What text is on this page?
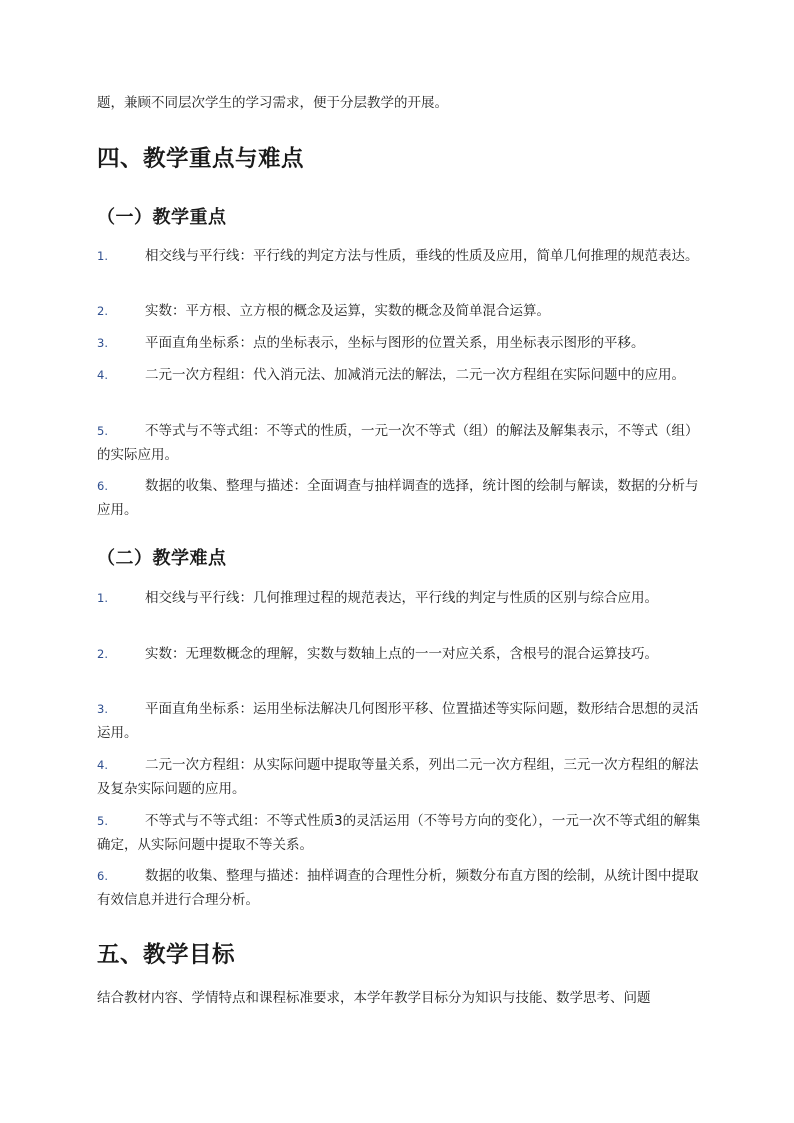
题，兼顾不同层次学生的学习需求，便于分层教学的开展。

四、教学重点与难点
（一）教学重点
1.	相交线与平行线：平行线的判定方法与性质，垂线的性质及应用，简单几何推理的规范表达。
2.	实数：平方根、立方根的概念及运算，实数的概念及简单混合运算。
3.	平面直角坐标系：点的坐标表示，坐标与图形的位置关系，用坐标表示图形的平移。
4.	二元一次方程组：代入消元法、加减消元法的解法，二元一次方程组在实际问题中的应用。
5.	不等式与不等式组：不等式的性质，一元一次不等式（组）的解法及解集表示，不等式（组）的实际应用。
6.	数据的收集、整理与描述：全面调查与抽样调查的选择，统计图的绘制与解读，数据的分析与应用。
（二）教学难点
1.	相交线与平行线：几何推理过程的规范表达，平行线的判定与性质的区别与综合应用。
2.	实数：无理数概念的理解，实数与数轴上点的一一对应关系，含根号的混合运算技巧。
3.	平面直角坐标系：运用坐标法解决几何图形平移、位置描述等实际问题，数形结合思想的灵活运用。
4.	二元一次方程组：从实际问题中提取等量关系，列出二元一次方程组，三元一次方程组的解法及复杂实际问题的应用。
5.	不等式与不等式组：不等式性质3的灵活运用（不等号方向的变化），一元一次不等式组的解集确定，从实际问题中提取不等关系。
6.	数据的收集、整理与描述：抽样调查的合理性分析，频数分布直方图的绘制，从统计图中提取有效信息并进行合理分析。
五、教学目标

结合教材内容、学情特点和课程标准要求，本学年教学目标分为知识与技能、数学思考、问题
